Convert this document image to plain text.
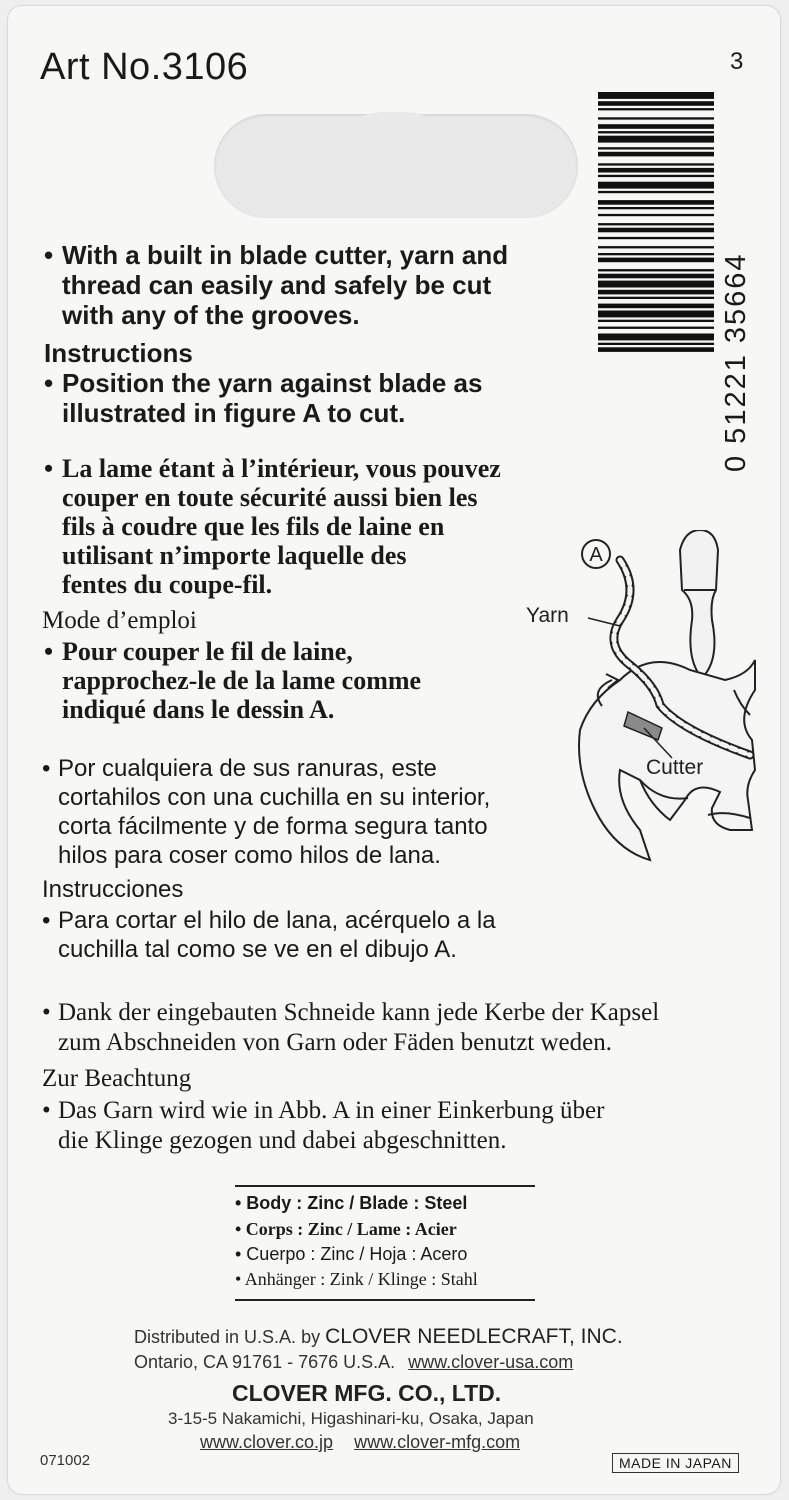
Art No.3106	3
0 51221 35664
• With a built in blade cutter, yarn and
thread can easily and safely be cut
with any of the grooves.
Instructions
• Position the yarn against blade as
illustrated in figure A to cut.
• La lame étant à l’intérieur, vous pouvez
couper en toute sécurité aussi bien les
fils à coudre que les fils de laine en
utilisant n’importe laquelle des
fentes du coupe-fil.
Mode d’emploi
• Pour couper le fil de laine,
rapprochez-le de la lame comme
indiqué dans le dessin A.
• Por cualquiera de sus ranuras, este
cortahilos con una cuchilla en su interior,
corta fácilmente y de forma segura tanto
hilos para coser como hilos de lana.
Instrucciones
• Para cortar el hilo de lana, acérquelo a la
cuchilla tal como se ve en el dibujo A.
• Dank der eingebauten Schneide kann jede Kerbe der Kapsel
zum Abschneiden von Garn oder Fäden benutzt weden.
Zur Beachtung
• Das Garn wird wie in Abb. A in einer Einkerbung über
die Klinge gezogen und dabei abgeschnitten.
A
Yarn
Cutter
• Body : Zinc / Blade : Steel
• Corps : Zinc / Lame : Acier
• Cuerpo : Zinc / Hoja : Acero
• Anhänger : Zink / Klinge : Stahl
Distributed in U.S.A. by CLOVER NEEDLECRAFT, INC.
Ontario, CA 91761 - 7676 U.S.A. www.clover-usa.com
CLOVER MFG. CO., LTD.
3-15-5 Nakamichi, Higashinari-ku, Osaka, Japan
www.clover.co.jp www.clover-mfg.com
071002	MADE IN JAPAN
